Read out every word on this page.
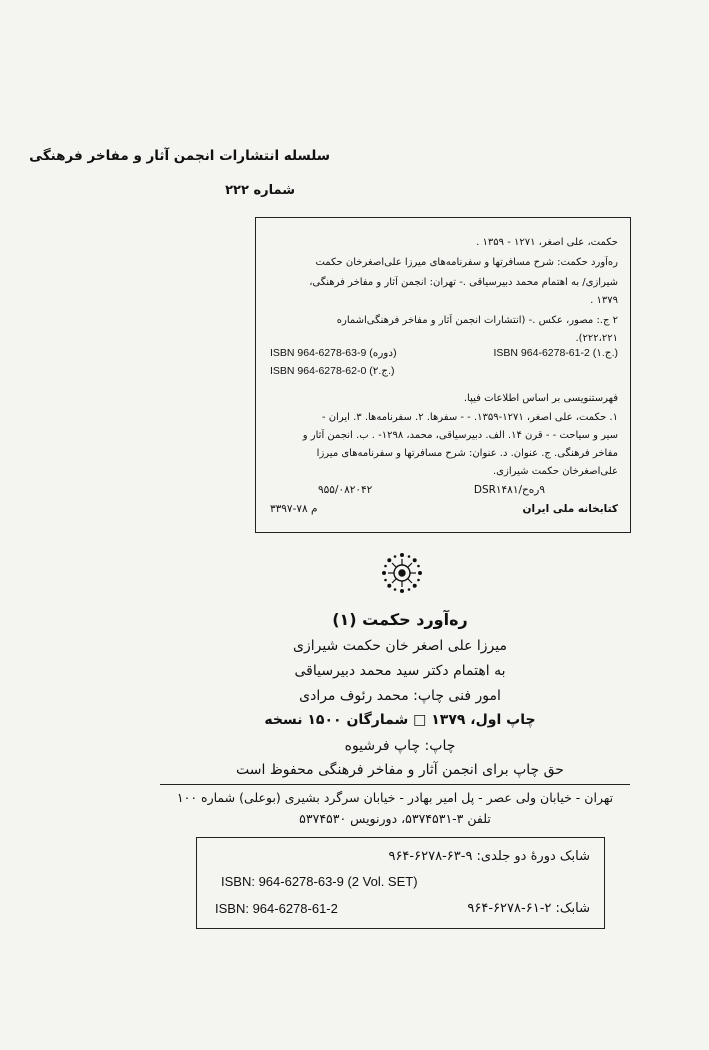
سلسله انتشارات انجمن آثار و مفاخر فرهنگی
شماره ۲۲۲
حکمت، علی اصغر، ۱۲۷۱ - ۱۳۵۹ .
ره‌آورد حکمت: شرح مسافرتها و سفرنامه‌های میرزا علی‌اصغرخان حکمت
شیرازی/ به اهتمام محمد دبیرسیاقی .- تهران: انجمن آثار و مفاخر فرهنگی،
۱۳۷۹ .
۲ ج.: مصور، عکس .- (انتشارات انجمن آثار و مفاخر فرهنگی‌اشماره
۲۲۲،۲۲۱).
ISBN 964-6278-61-2 (ج.۱.)
ISBN 964-6278-63-9 (دوره)
ISBN 964-6278-62-0 (ج.۲.)
فهرستنویسی بر اساس اطلاعات فیپا.
۱. حکمت، علی اصغر، ۱۲۷۱-۱۳۵۹. - - سفرها. ۲. سفرنامه‌ها. ۳. ایران -
سیر و سیاحت - - قرن ۱۴. الف. دبیرسیاقی، محمد، ۱۲۹۸- . ب. انجمن آثار و
مفاخر فرهنگی. ج. عنوان. د. عنوان: شرح مسافرتها و سفرنامه‌های میرزا
علی‌اصغرخان حکمت شیرازی.
۹ره‌ح/DSR۱۴۸۱
۹۵۵/۰۸۲۰۴۲
کتابخانه ملی ایران
م ۷۸-۳۳۹۷
ره‌آورد حکمت (۱)
میرزا علی اصغر خان حکمت شیرازی
به اهتمام دکتر سید محمد دبیرسیاقی
امور فنی چاپ: محمد رئوف مرادی
چاپ اول، ۱۳۷۹ □ شمارگان ۱۵۰۰ نسخه
چاپ: چاپ فرشیوه
حق چاپ برای انجمن آثار و مفاخر فرهنگی محفوظ است
تهران - خیابان ولی عصر - پل امیر بهادر - خیابان سرگرد بشیری (بوعلی) شماره ۱۰۰
تلفن ۳-۵۳۷۴۵۳۱، دورنویس ۵۳۷۴۵۳۰
شابک دورهٔ دو جلدی: ۹-۶۳-۶۲۷۸-۹۶۴
ISBN: 964-6278-63-9 (2 Vol. SET)
شابک: ۲-۶۱-۶۲۷۸-۹۶۴
ISBN: 964-6278-61-2
